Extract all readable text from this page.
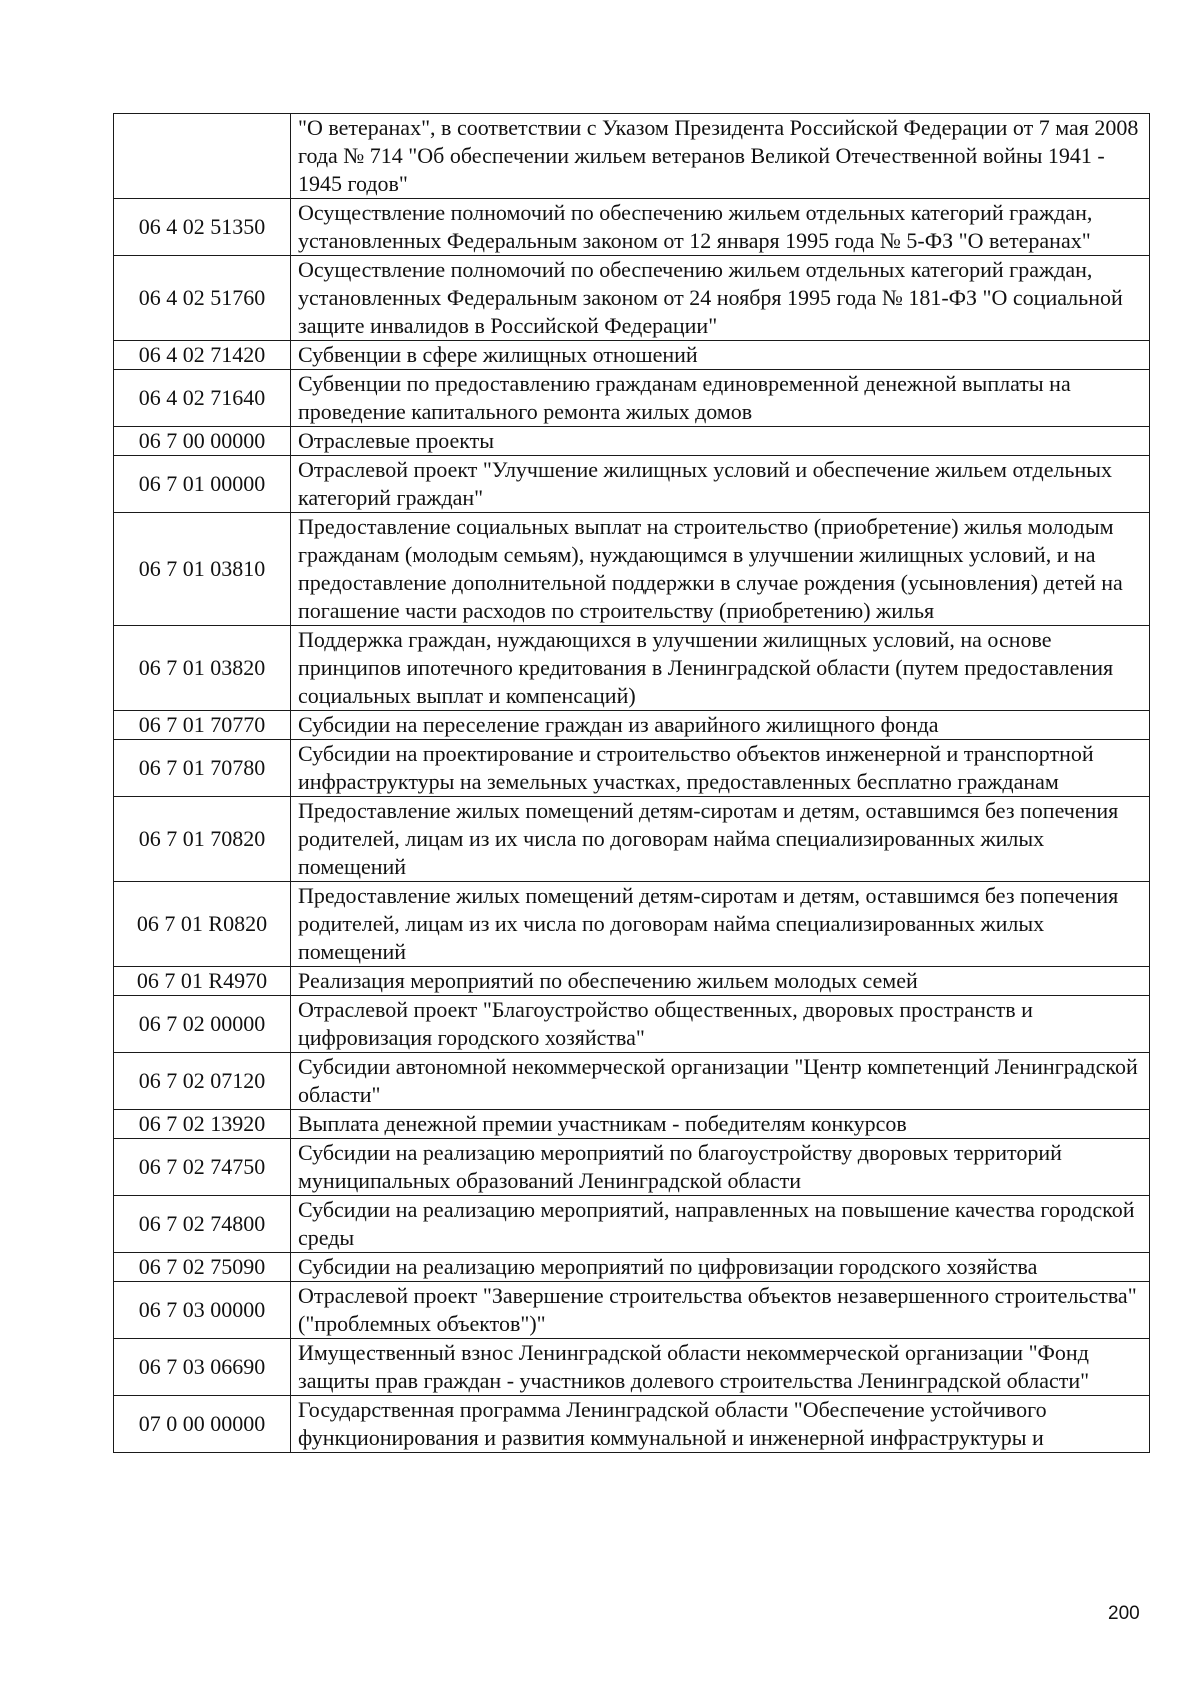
	"О ветеранах", в соответствии с Указом Президента Российской Федерации от 7 мая 2008 года № 714 "Об обеспечении жильем ветеранов Великой Отечественной войны 1941 - 1945 годов"
06 4 02 51350	Осуществление полномочий по обеспечению жильем отдельных категорий граждан, установленных Федеральным законом от 12 января 1995 года № 5-ФЗ "О ветеранах"
06 4 02 51760	Осуществление полномочий по обеспечению жильем отдельных категорий граждан, установленных Федеральным законом от 24 ноября 1995 года № 181-ФЗ "О социальной защите инвалидов в Российской Федерации"
06 4 02 71420	Субвенции в сфере жилищных отношений
06 4 02 71640	Субвенции по предоставлению гражданам единовременной денежной выплаты на проведение капитального ремонта жилых домов
06 7 00 00000	Отраслевые проекты
06 7 01 00000	Отраслевой проект "Улучшение жилищных условий и обеспечение жильем отдельных категорий граждан"
06 7 01 03810	Предоставление социальных выплат на строительство (приобретение) жилья молодым гражданам (молодым семьям), нуждающимся в улучшении жилищных условий, и на предоставление дополнительной поддержки в случае рождения (усыновления) детей на погашение части расходов по строительству (приобретению) жилья
06 7 01 03820	Поддержка граждан, нуждающихся в улучшении жилищных условий, на основе принципов ипотечного кредитования в Ленинградской области (путем предоставления социальных выплат и компенсаций)
06 7 01 70770	Субсидии на переселение граждан из аварийного жилищного фонда
06 7 01 70780	Субсидии на проектирование и строительство объектов инженерной и транспортной инфраструктуры на земельных участках, предоставленных бесплатно гражданам
06 7 01 70820	Предоставление жилых помещений детям-сиротам и детям, оставшимся без попечения родителей, лицам из их числа по договорам найма специализированных жилых помещений
06 7 01 R0820	Предоставление жилых помещений детям-сиротам и детям, оставшимся без попечения родителей, лицам из их числа по договорам найма специализированных жилых помещений
06 7 01 R4970	Реализация мероприятий по обеспечению жильем молодых семей
06 7 02 00000	Отраслевой проект "Благоустройство общественных, дворовых пространств и цифровизация городского хозяйства"
06 7 02 07120	Субсидии автономной некоммерческой организации "Центр компетенций Ленинградской области"
06 7 02 13920	Выплата денежной премии участникам - победителям конкурсов
06 7 02 74750	Субсидии на реализацию мероприятий по благоустройству дворовых территорий муниципальных образований Ленинградской области
06 7 02 74800	Субсидии на реализацию мероприятий, направленных на повышение качества городской среды
06 7 02 75090	Субсидии на реализацию мероприятий по цифровизации городского хозяйства
06 7 03 00000	Отраслевой проект "Завершение строительства объектов незавершенного строительства" ("проблемных объектов")"
06 7 03 06690	Имущественный взнос Ленинградской области некоммерческой организации "Фонд защиты прав граждан - участников долевого строительства Ленинградской области"
07 0 00 00000	Государственная программа Ленинградской области "Обеспечение устойчивого функционирования и развития коммунальной и инженерной инфраструктуры и
200
